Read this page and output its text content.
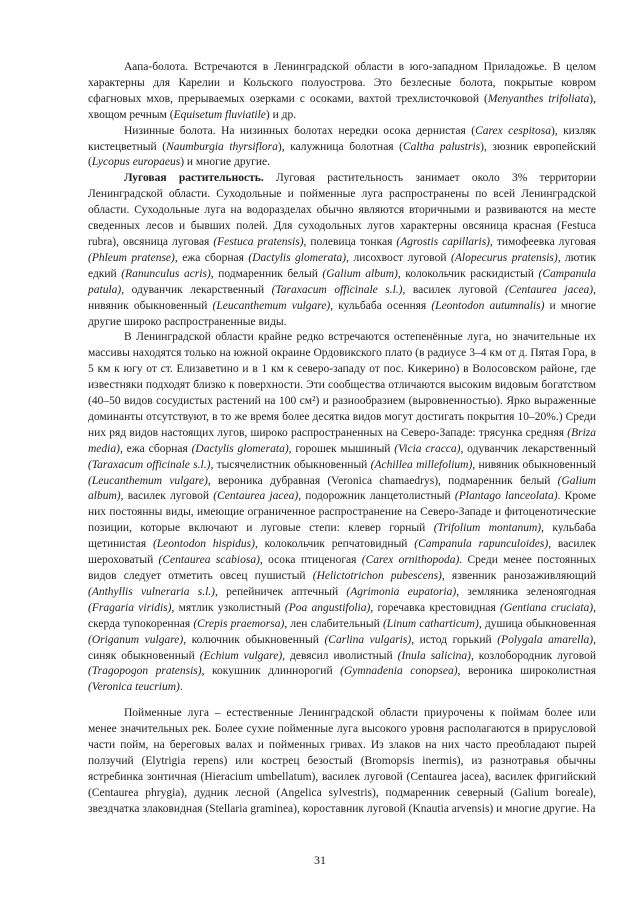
Аапа-болота. Встречаются в Ленинградской области в юго-западном Приладожье. В целом характерны для Карелии и Кольского полуострова. Это безлесные болота, покрытые ковром сфагновых мхов, прерываемых озерками с осоками, вахтой трехлисточковой (Menyanthes trifoliata), хвощом речным (Equisetum fluviatile) и др.

Низинные болота. На низинных болотах нередки осока дернистая (Carex cespitosa), кизляк кистецветный (Naumburgia thyrsiflora), калужница болотная (Caltha palustris), зюзник европейский (Lycopus europaeus) и многие другие.

Луговая растительность. Луговая растительность занимает около 3% территории Ленинградской области. Суходольные и пойменные луга распространены по всей Ленинградской области. Суходольные луга на водоразделах обычно являются вторичными и развиваются на месте сведенных лесов и бывших полей. Для суходольных лугов характерны овсяница красная (Festuca rubra), овсяница луговая (Festuca pratensis), полевица тонкая (Agrostis capillaris), тимофеевка луговая (Phleum pratense), ежа сборная (Dactylis glomerata), лисохвост луговой (Alopecurus pratensis), лютик едкий (Ranunculus acris), подмаренник белый (Galium album), колокольчик раскидистый (Campanula patula), одуванчик лекарственный (Taraxacum officinale s.l.), василек луговой (Centaurea jacea), нивяник обыкновенный (Leucanthemum vulgare), кульбаба осенняя (Leontodon autumnalis) и многие другие широко распространенные виды.

В Ленинградской области крайне редко встречаются остепенённые луга, но значительные их массивы находятся только на южной окраине Ордовикского плато (в радиусе 3–4 км от д. Пятая Гора, в 5 км к югу от ст. Елизаветино и в 1 км к северо-западу от пос. Кикерино) в Волосовском районе, где известняки подходят близко к поверхности. Эти сообщества отличаются высоким видовым богатством (40–50 видов сосудистых растений на 100 см²) и разнообразием (выровненностью). Ярко выраженные доминанты отсутствуют, в то же время более десятка видов могут достигать покрытия 10–20%.) Среди них ряд видов настоящих лугов, широко распространенных на Северо-Западе: трясунка средняя (Briza media), ежа сборная (Dactylis glomerata), горошек мышиный (Vicia cracca), одуванчик лекарственный (Taraxacum officinale s.l.), тысячелистник обыкновенный (Achillea millefolium), нивяник обыкновенный (Leucanthemum vulgare), вероника дубравная (Veronica chamaedrys), подмаренник белый (Galium album), василек луговой (Centaurea jacea), подорожник ланцетолистный (Plantago lanceolata). Кроме них постоянны виды, имеющие ограниченное распространение на Северо-Западе и фитоценотические позиции, которые включают и луговые степи: клевер горный (Trifolium montanum), кульбаба щетинистая (Leontodon hispidus), колокольчик репчатовидный (Campanula rapunculoides), василек шероховатый (Centaurea scabiosa), осока птиценогая (Carex ornithopoda). Среди менее постоянных видов следует отметить овсец пушистый (Helictotrichon pubescens), язвенник ранозаживляющий (Anthyllis vulneraria s.l.), репейничек аптечный (Agrimonia eupatoria), земляника зеленоягодная (Fragaria viridis), мятлик узколистный (Poa angustifolia), горечавка крестовидная (Gentiana cruciata), скерда тупокоренная (Crepis praemorsa), лен слабительный (Linum catharticum), душица обыкновенная (Origanum vulgare), колючник обыкновенный (Carlina vulgaris), истод горький (Polygala amarella), синяк обыкновенный (Echium vulgare), девясил иволистный (Inula salicina), козлобородник луговой (Tragopogon pratensis), кокушник длиннорогий (Gymnadenia conopsea), вероника широколистная (Veronica teucrium).

Пойменные луга – естественные Ленинградской области приурочены к поймам более или менее значительных рек. Более сухие пойменные луга высокого уровня располагаются в прирусловой части пойм, на береговых валах и пойменных гривах. Из злаков на них часто преобладают пырей ползучий (Elytrigia repens) или кострец безостый (Bromopsis inermis), из разнотравья обычны ястребинка зонтичная (Hieracium umbellatum), василек луговой (Centaurea jacea), василек фригийский (Centaurea phrygia), дудник лесной (Angelica sylvestris), подмаренник северный (Galium boreale), звездчатка злаковидная (Stellaria graminea), короставник луговой (Knautia arvensis) и многие другие. На

31
